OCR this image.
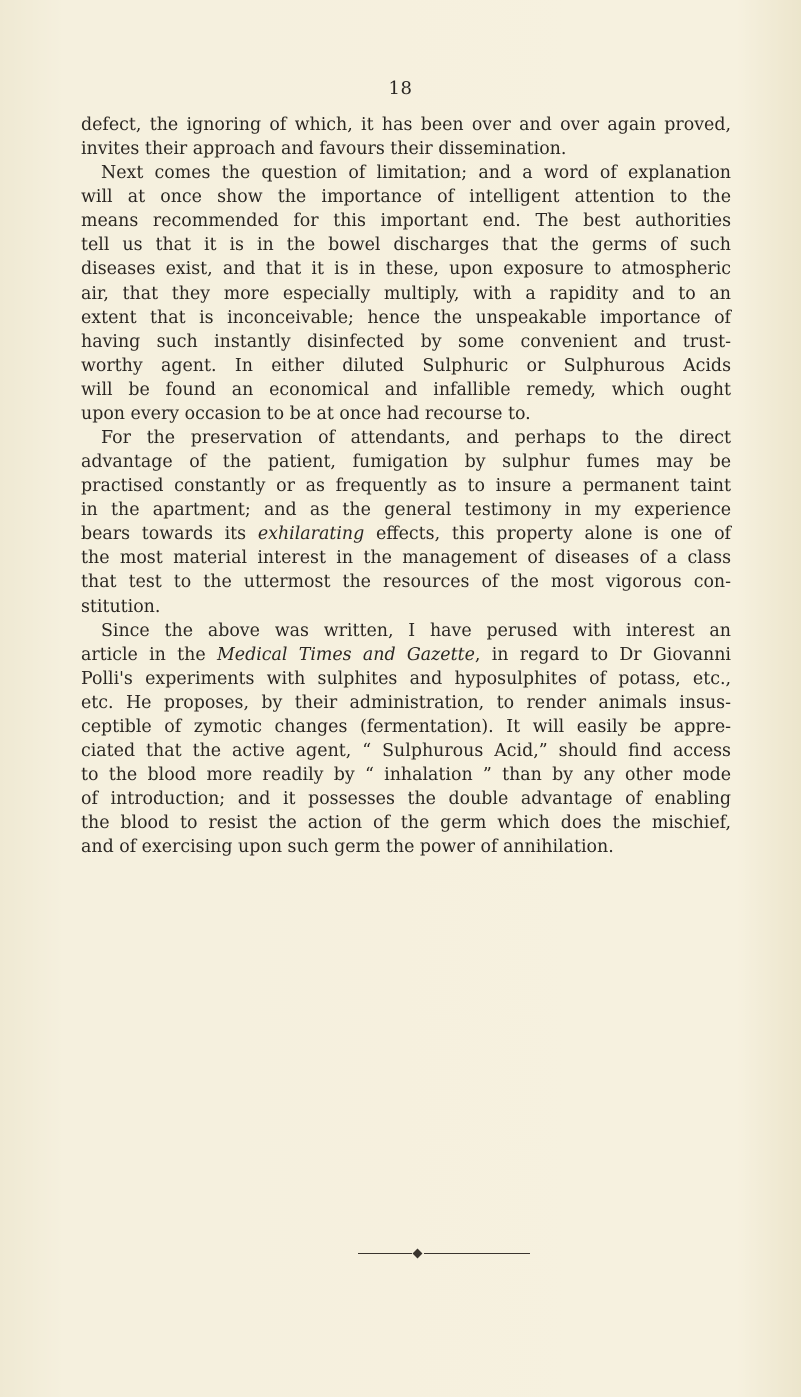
18
defect, the ignoring of which, it has been over and over again proved,
invites their approach and favours their dissemination.
Next comes the question of limitation; and a word of explanation
will at once show the importance of intelligent attention to the
means recommended for this important end. The best authorities
tell us that it is in the bowel discharges that the germs of such
diseases exist, and that it is in these, upon exposure to atmospheric
air, that they more especially multiply, with a rapidity and to an
extent that is inconceivable; hence the unspeakable importance of
having such instantly disinfected by some convenient and trust-
worthy agent. In either diluted Sulphuric or Sulphurous Acids
will be found an economical and infallible remedy, which ought
upon every occasion to be at once had recourse to.
For the preservation of attendants, and perhaps to the direct
advantage of the patient, fumigation by sulphur fumes may be
practised constantly or as frequently as to insure a permanent taint
in the apartment; and as the general testimony in my experience
bears towards its exhilarating effects, this property alone is one of
the most material interest in the management of diseases of a class
that test to the uttermost the resources of the most vigorous con-
stitution.
Since the above was written, I have perused with interest an
article in the Medical Times and Gazette, in regard to Dr Giovanni
Polli's experiments with sulphites and hyposulphites of potass, etc.,
etc. He proposes, by their administration, to render animals insus-
ceptible of zymotic changes (fermentation). It will easily be appre-
ciated that the active agent, “ Sulphurous Acid,” should find access
to the blood more readily by “ inhalation ” than by any other mode
of introduction; and it possesses the double advantage of enabling
the blood to resist the action of the germ which does the mischief,
and of exercising upon such germ the power of annihilation.
